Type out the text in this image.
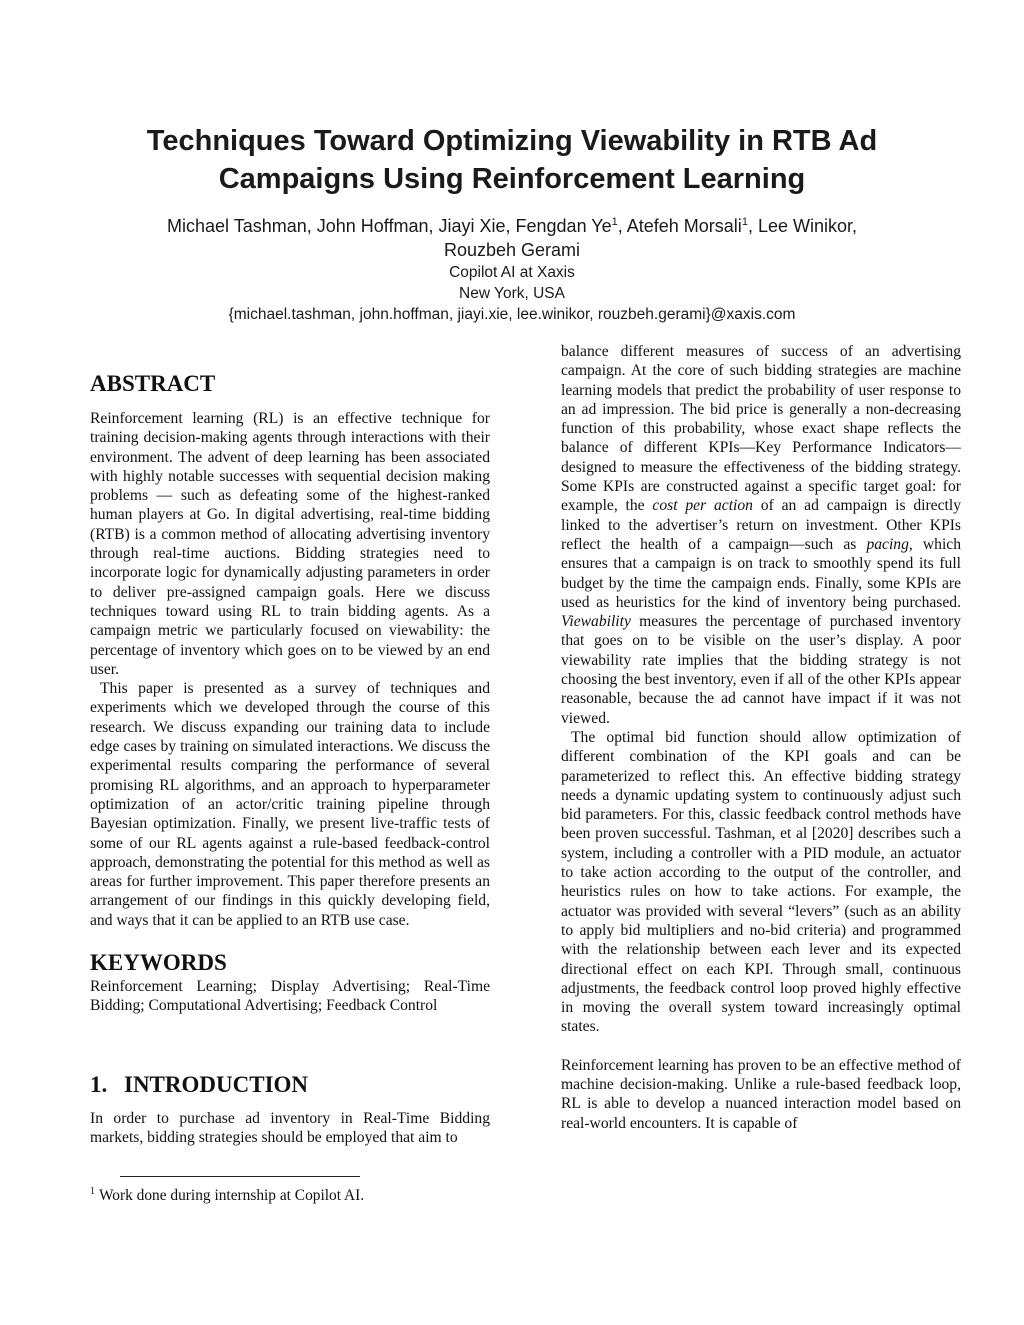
Techniques Toward Optimizing Viewability in RTB Ad
Campaigns Using Reinforcement Learning
Michael Tashman, John Hoffman, Jiayi Xie, Fengdan Ye$^1$, Atefeh Morsali$^1$, Lee Winikor,
Rouzbeh Gerami
Copilot AI at Xaxis
New York, USA
{michael.tashman, john.hoffman, jiayi.xie, lee.winikor, rouzbeh.gerami}@xaxis.com
ABSTRACT

Reinforcement learning (RL) is an effective technique for training decision-making agents through interactions with their environment. The advent of deep learning has been associated with highly notable successes with sequential decision making problems — such as defeating some of the highest-ranked human players at Go. In digital advertising, real-time bidding (RTB) is a common method of allocating advertising inventory through real-time auctions. Bidding strategies need to incorporate logic for dynamically adjusting parameters in order to deliver pre-assigned campaign goals. Here we discuss techniques toward using RL to train bidding agents. As a campaign metric we particularly focused on viewability: the percentage of inventory which goes on to be viewed by an end user.

This paper is presented as a survey of techniques and experiments which we developed through the course of this research. We discuss expanding our training data to include edge cases by training on simulated interactions. We discuss the experimental results comparing the performance of several promising RL algorithms, and an approach to hyperparameter optimization of an actor/critic training pipeline through Bayesian optimization. Finally, we present live-traffic tests of some of our RL agents against a rule-based feedback-control approach, demonstrating the potential for this method as well as areas for further improvement. This paper therefore presents an arrangement of our findings in this quickly developing field, and ways that it can be applied to an RTB use case.

KEYWORDS

Reinforcement Learning; Display Advertising; Real-Time Bidding; Computational Advertising; Feedback Control

1. INTRODUCTION

In order to purchase ad inventory in Real-Time Bidding markets, bidding strategies should be employed that aim to

balance different measures of success of an advertising campaign. At the core of such bidding strategies are machine learning models that predict the probability of user response to an ad impression. The bid price is generally a non-decreasing function of this probability, whose exact shape reflects the balance of different KPIs—Key Performance Indicators—designed to measure the effectiveness of the bidding strategy. Some KPIs are constructed against a specific target goal: for example, the cost per action of an ad campaign is directly linked to the advertiser’s return on investment. Other KPIs reflect the health of a campaign—such as pacing, which ensures that a campaign is on track to smoothly spend its full budget by the time the campaign ends. Finally, some KPIs are used as heuristics for the kind of inventory being purchased. Viewability measures the percentage of purchased inventory that goes on to be visible on the user’s display. A poor viewability rate implies that the bidding strategy is not choosing the best inventory, even if all of the other KPIs appear reasonable, because the ad cannot have impact if it was not viewed.

The optimal bid function should allow optimization of different combination of the KPI goals and can be parameterized to reflect this. An effective bidding strategy needs a dynamic updating system to continuously adjust such bid parameters. For this, classic feedback control methods have been proven successful. Tashman, et al [2020] describes such a system, including a controller with a PID module, an actuator to take action according to the output of the controller, and heuristics rules on how to take actions. For example, the actuator was provided with several “levers” (such as an ability to apply bid multipliers and no-bid criteria) and programmed with the relationship between each lever and its expected directional effect on each KPI. Through small, continuous adjustments, the feedback control loop proved highly effective in moving the overall system toward increasingly optimal states.

Reinforcement learning has proven to be an effective method of machine decision-making. Unlike a rule-based feedback loop, RL is able to develop a nuanced interaction model based on real-world encounters. It is capable of

$^1$ Work done during internship at Copilot AI.
